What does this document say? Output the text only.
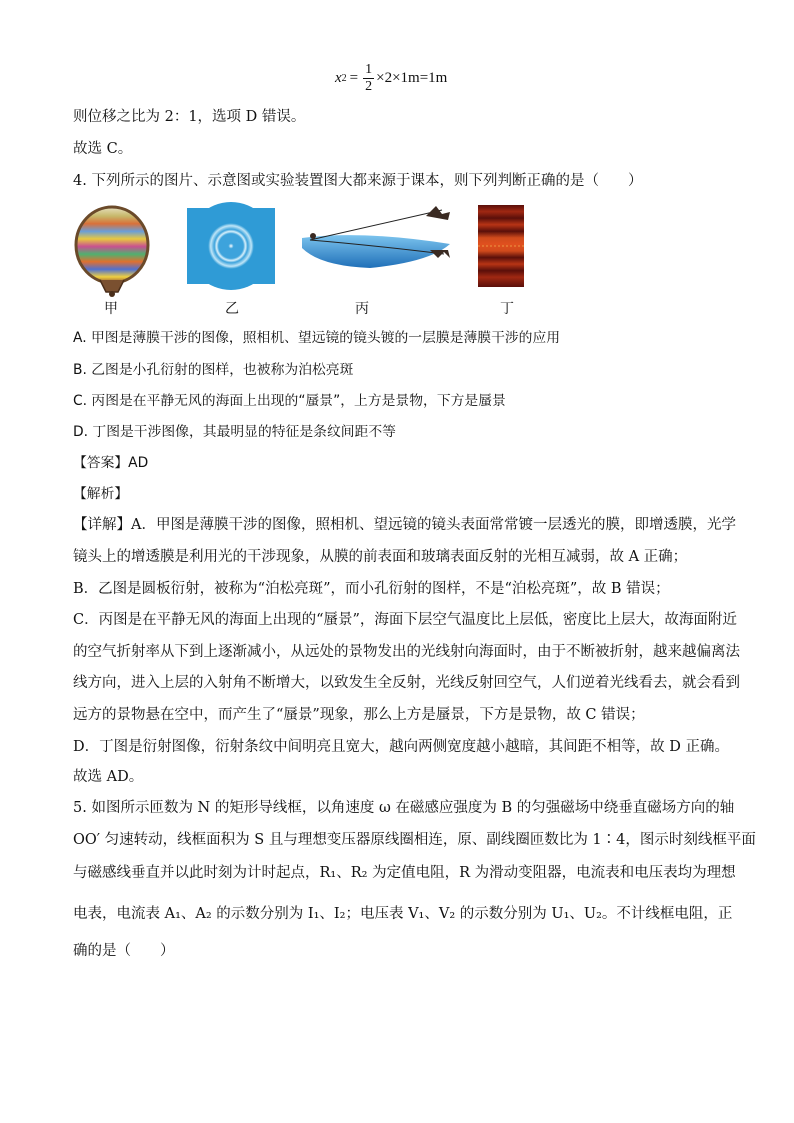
x $2 = \frac{1}{2} \times 2\times 1m=1m$
则位移之比为 2：1，选项 D 错误。
故选 C。
4. 下列所示的图片、示意图或实验装置图大都来源于课本，则下列判断正确的是（　　）
甲	乙	丙	丁
A. 甲图是薄膜干涉的图像，照相机、望远镜的镜头镀的一层膜是薄膜干涉的应用
B. 乙图是小孔衍射的图样，也被称为泊松亮斑
C. 丙图是在平静无风的海面上出现的“蜃景”，上方是景物，下方是蜃景
D. 丁图是干涉图像，其最明显的特征是条纹间距不等
【答案】AD
【解析】
【详解】A．甲图是薄膜干涉的图像，照相机、望远镜的镜头表面常常镀一层透光的膜，即增透膜，光学
镜头上的增透膜是利用光的干涉现象，从膜的前表面和玻璃表面反射的光相互减弱，故 A 正确；
B．乙图是圆板衍射，被称为“泊松亮斑”，而小孔衍射的图样，不是“泊松亮斑”，故 B 错误；
C．丙图是在平静无风的海面上出现的“蜃景”，海面下层空气温度比上层低，密度比上层大，故海面附近
的空气折射率从下到上逐渐减小，从远处的景物发出的光线射向海面时，由于不断被折射，越来越偏离法
线方向，进入上层的入射角不断增大，以致发生全反射，光线反射回空气，人们逆着光线看去，就会看到
远方的景物悬在空中，而产生了“蜃景”现象，那么上方是蜃景，下方是景物，故 C 错误；
D．丁图是衍射图像，衍射条纹中间明亮且宽大，越向两侧宽度越小越暗，其间距不相等，故 D 正确。
故选 AD。
5. 如图所示匝数为 N 的矩形导线框，以角速度 ω 在磁感应强度为 B 的匀强磁场中绕垂直磁场方向的轴
OO′ 匀速转动，线框面积为 S 且与理想变压器原线圈相连，原、副线圈匝数比为 1∶4，图示时刻线框平面
与磁感线垂直并以此时刻为计时起点，R₁、R₂ 为定值电阻，R 为滑动变阻器，电流表和电压表均为理想
电表，电流表 A₁、A₂ 的示数分别为 I₁、I₂；电压表 V₁、V₂ 的示数分别为 U₁、U₂。不计线框电阻，正
确的是（　　）
